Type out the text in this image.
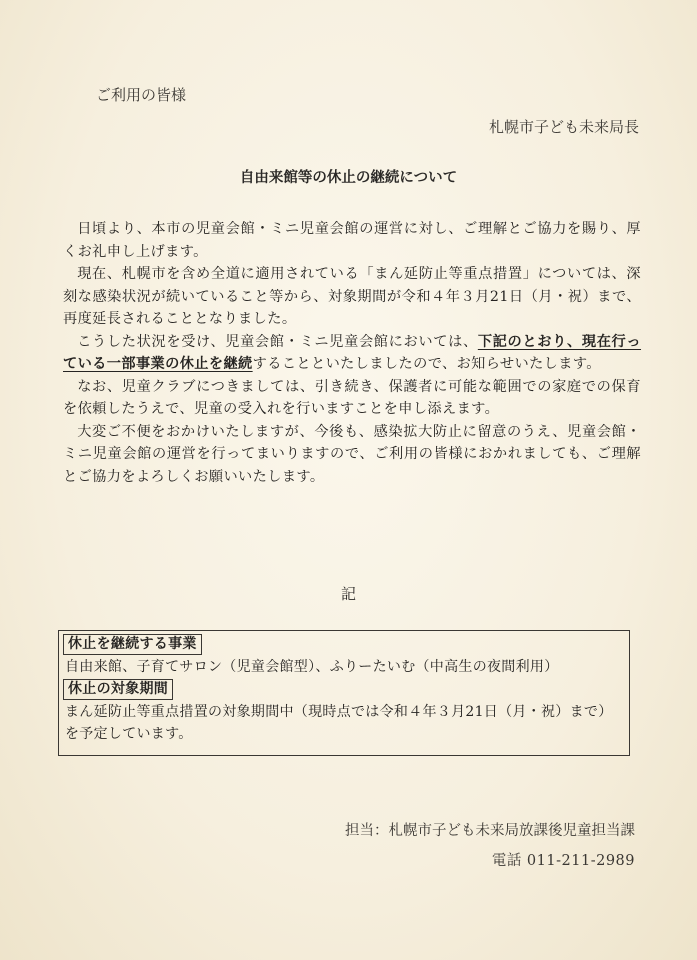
ご利用の皆様
札幌市子ども未来局長
自由来館等の休止の継続について

日頃より、本市の児童会館・ミニ児童会館の運営に対し、ご理解とご協力を賜り、厚くお礼申し上げます。

現在、札幌市を含め全道に適用されている「まん延防止等重点措置」については、深刻な感染状況が続いていること等から、対象期間が令和４年３月21日（月・祝）まで、再度延長されることとなりました。

こうした状況を受け、児童会館・ミニ児童会館においては、下記のとおり、現在行っている一部事業の休止を継続することといたしましたので、お知らせいたします。

なお、児童クラブにつきましては、引き続き、保護者に可能な範囲での家庭での保育を依頼したうえで、児童の受入れを行いますことを申し添えます。

大変ご不便をおかけいたしますが、今後も、感染拡大防止に留意のうえ、児童会館・ミニ児童会館の運営を行ってまいりますので、ご利用の皆様におかれましても、ご理解とご協力をよろしくお願いいたします。

記
休止を継続する事業
自由来館、子育てサロン（児童会館型）、ふりーたいむ（中高生の夜間利用）
休止の対象期間
まん延防止等重点措置の対象期間中（現時点では令和４年３月21日（月・祝）まで）を予定しています。
担当：札幌市子ども未来局放課後児童担当課
電話 011-211-2989
